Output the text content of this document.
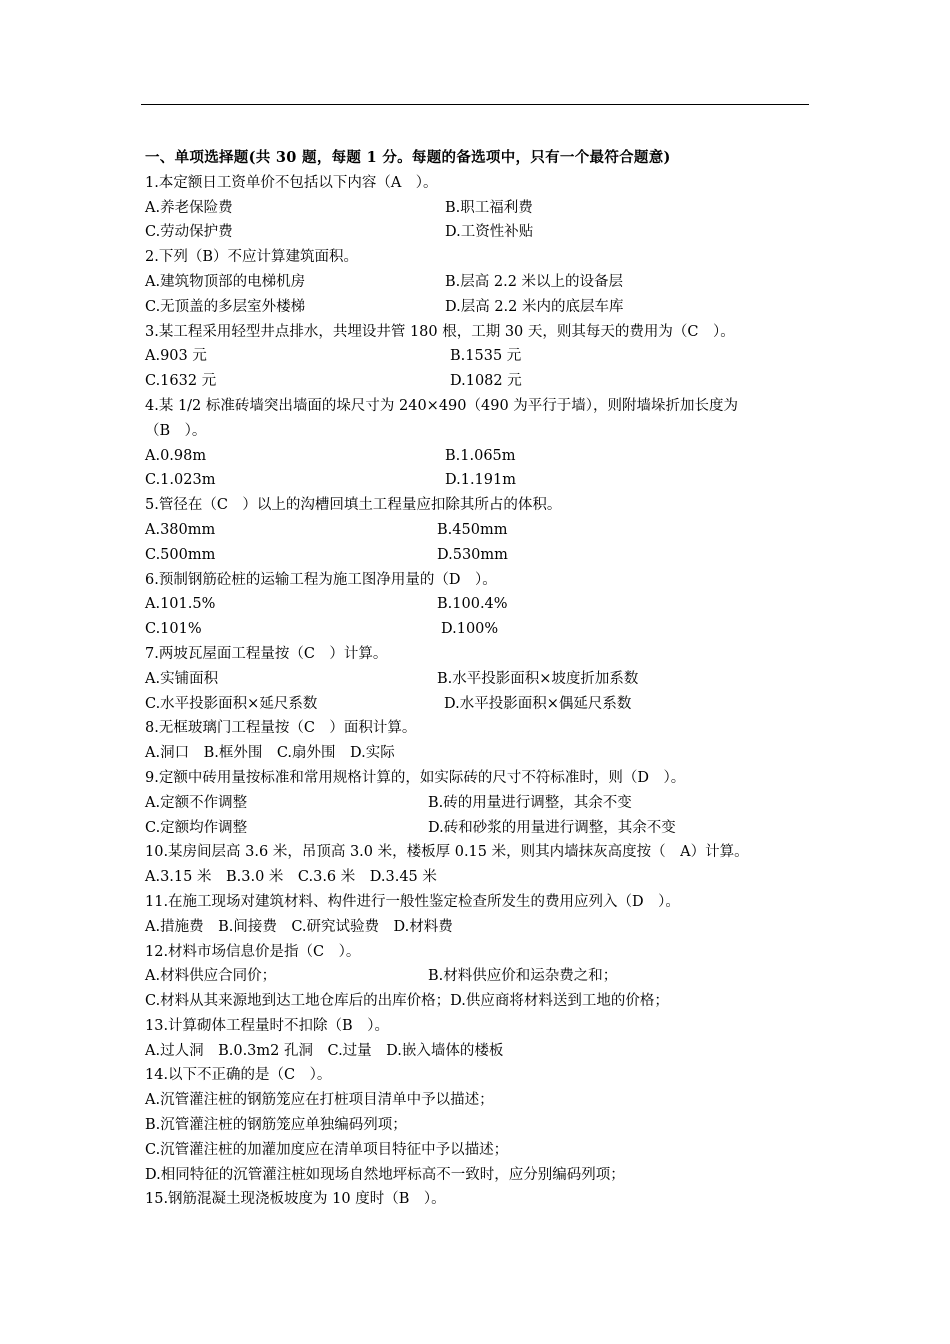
一、单项选择题(共 30 题，每题 1 分。每题的备选项中，只有一个最符合题意)
1.本定额日工资单价不包括以下内容（A　）。
A.养老保险费	B.职工福利费
C.劳动保护费	D.工资性补贴
2.下列（B）不应计算建筑面积。
A.建筑物顶部的电梯机房	B.层高 2.2 米以上的设备层
C.无顶盖的多层室外楼梯	D.层高 2.2 米内的底层车库
3.某工程采用轻型井点排水，共埋设井管 180 根，工期 30 天，则其每天的费用为（C　）。
A.903 元	B.1535 元
C.1632 元	D.1082 元
4.某 1/2 标准砖墙突出墙面的垛尺寸为 240×490（490 为平行于墙），则附墙垛折加长度为
（B　）。
A.0.98m	B.1.065m
C.1.023m	D.1.191m
5.管径在（C　）以上的沟槽回填土工程量应扣除其所占的体积。
A.380mm	B.450mm
C.500mm	D.530mm
6.预制钢筋砼桩的运输工程为施工图净用量的（D　）。
A.101.5%	B.100.4%
C.101%	D.100%
7.两坡瓦屋面工程量按（C　）计算。
A.实铺面积	B.水平投影面积×坡度折加系数
C.水平投影面积×延尺系数	D.水平投影面积×偶延尺系数
8.无框玻璃门工程量按（C　）面积计算。
A.洞口　B.框外围　C.扇外围　D.实际
9.定额中砖用量按标准和常用规格计算的，如实际砖的尺寸不符标准时，则（D　）。
A.定额不作调整	B.砖的用量进行调整，其余不变
C.定额均作调整	D.砖和砂浆的用量进行调整，其余不变
10.某房间层高 3.6 米，吊顶高 3.0 米，楼板厚 0.15 米，则其内墙抹灰高度按（　A）计算。
A.3.15 米　B.3.0 米　C.3.6 米　D.3.45 米
11.在施工现场对建筑材料、构件进行一般性鉴定检查所发生的费用应列入（D　）。
A.措施费　B.间接费　C.研究试验费　D.材料费
12.材料市场信息价是指（C　）。
A.材料供应合同价；	B.材料供应价和运杂费之和；
C.材料从其来源地到达工地仓库后的出库价格；D.供应商将材料送到工地的价格；
13.计算砌体工程量时不扣除（B　）。
A.过人洞　B.0.3m2 孔洞　C.过量　D.嵌入墙体的楼板
14.以下不正确的是（C　）。
A.沉管灌注桩的钢筋笼应在打桩项目清单中予以描述；
B.沉管灌注桩的钢筋笼应单独编码列项；
C.沉管灌注桩的加灌加度应在清单项目特征中予以描述；
D.相同特征的沉管灌注桩如现场自然地坪标高不一致时，应分别编码列项；
15.钢筋混凝土现浇板坡度为 10 度时（B　）。
